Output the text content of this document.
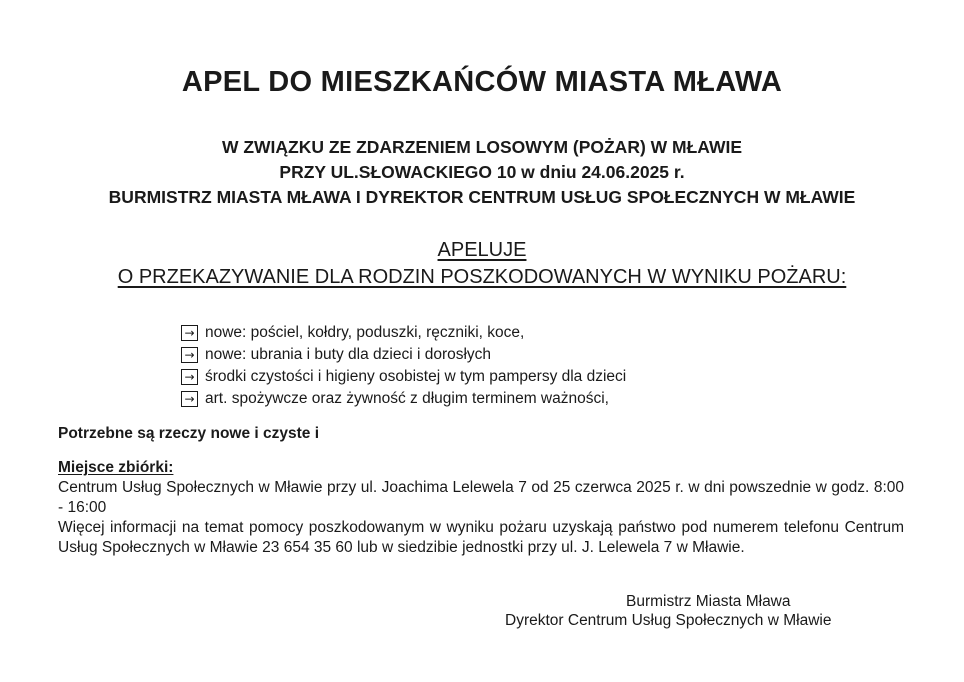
APEL DO MIESZKAŃCÓW MIASTA MŁAWA
W ZWIĄZKU ZE ZDARZENIEM LOSOWYM (POŻAR) W MŁAWIE
PRZY UL.SŁOWACKIEGO 10 w dniu 24.06.2025 r.
BURMISTRZ MIASTA MŁAWA I DYREKTOR CENTRUM USŁUG SPOŁECZNYCH W MŁAWIE
APELUJE
O PRZEKAZYWANIE DLA RODZIN POSZKODOWANYCH W WYNIKU POŻARU:
→ nowe: pościel, kołdry, poduszki, ręczniki, koce,
→ nowe: ubrania i buty dla dzieci i dorosłych
→ środki czystości i higieny osobistej w tym pampersy dla dzieci
→ art. spożywcze oraz żywność z długim terminem ważności,
Potrzebne są rzeczy nowe i czyste i
Miejsce zbiórki:
Centrum Usług Społecznych w Mławie przy ul. Joachima Lelewela 7 od 25 czerwca 2025 r. w dni powszednie w godz. 8:00 - 16:00
Więcej informacji na temat pomocy poszkodowanym w wyniku pożaru uzyskają państwo pod numerem telefonu Centrum Usług Społecznych w Mławie 23 654 35 60 lub w siedzibie jednostki przy ul. J. Lelewela 7 w Mławie.
Burmistrz Miasta Mława
Dyrektor Centrum Usług Społecznych w Mławie
